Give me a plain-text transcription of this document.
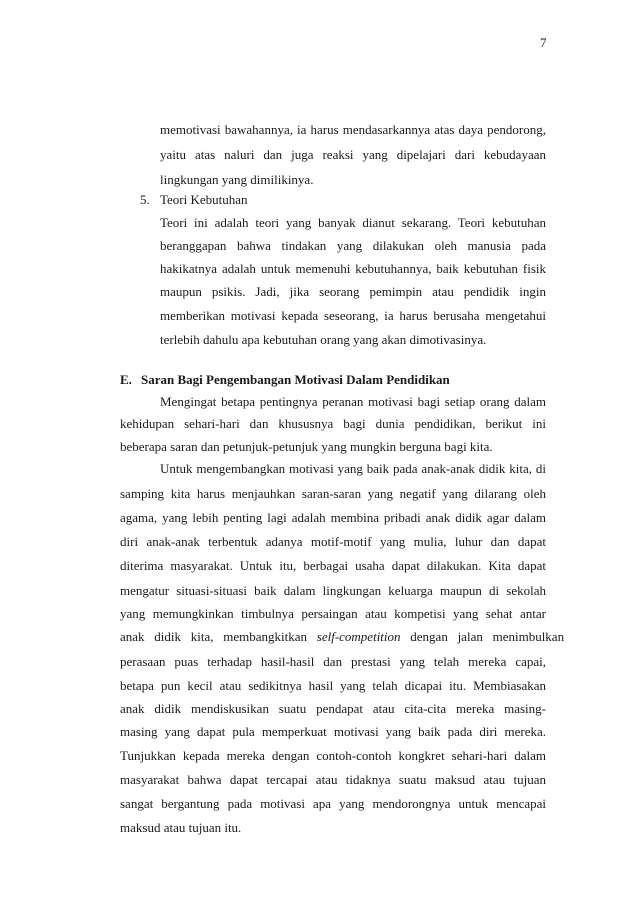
7
memotivasi bawahannya, ia harus mendasarkannya atas daya pendorong,
yaitu atas naluri dan juga reaksi yang dipelajari dari kebudayaan
lingkungan yang dimilikinya.
5. Teori Kebutuhan
Teori ini adalah teori yang banyak dianut sekarang. Teori kebutuhan
beranggapan bahwa tindakan yang dilakukan oleh manusia pada
hakikatnya adalah untuk memenuhi kebutuhannya, baik kebutuhan fisik
maupun psikis. Jadi, jika seorang pemimpin atau pendidik ingin
memberikan motivasi kepada seseorang, ia harus berusaha mengetahui
terlebih dahulu apa kebutuhan orang yang akan dimotivasinya.
E. Saran Bagi Pengembangan Motivasi Dalam Pendidikan
Mengingat betapa pentingnya peranan motivasi bagi setiap orang dalam
kehidupan sehari-hari dan khususnya bagi dunia pendidikan, berikut ini
beberapa saran dan petunjuk-petunjuk yang mungkin berguna bagi kita.
Untuk mengembangkan motivasi yang baik pada anak-anak didik kita, di
samping kita harus menjauhkan saran-saran yang negatif yang dilarang oleh
agama, yang lebih penting lagi adalah membina pribadi anak didik agar dalam
diri anak-anak terbentuk adanya motif-motif yang mulia, luhur dan dapat
diterima masyarakat. Untuk itu, berbagai usaha dapat dilakukan. Kita dapat
mengatur situasi-situasi baik dalam lingkungan keluarga maupun di sekolah
yang memungkinkan timbulnya persaingan atau kompetisi yang sehat antar
anak   didik   kita,   membangkitkan self-competition dengan   jalan   menimbulkan
perasaan puas terhadap hasil-hasil dan prestasi yang telah mereka capai,
betapa pun kecil atau sedikitnya hasil yang telah dicapai itu. Membiasakan
anak didik mendiskusikan suatu pendapat atau cita-cita mereka masing-
masing yang dapat pula memperkuat motivasi yang baik pada diri mereka.
Tunjukkan kepada mereka dengan contoh-contoh kongkret sehari-hari dalam
masyarakat bahwa dapat tercapai atau tidaknya suatu maksud atau tujuan
sangat bergantung pada motivasi apa yang mendorongnya untuk mencapai
maksud atau tujuan itu.
